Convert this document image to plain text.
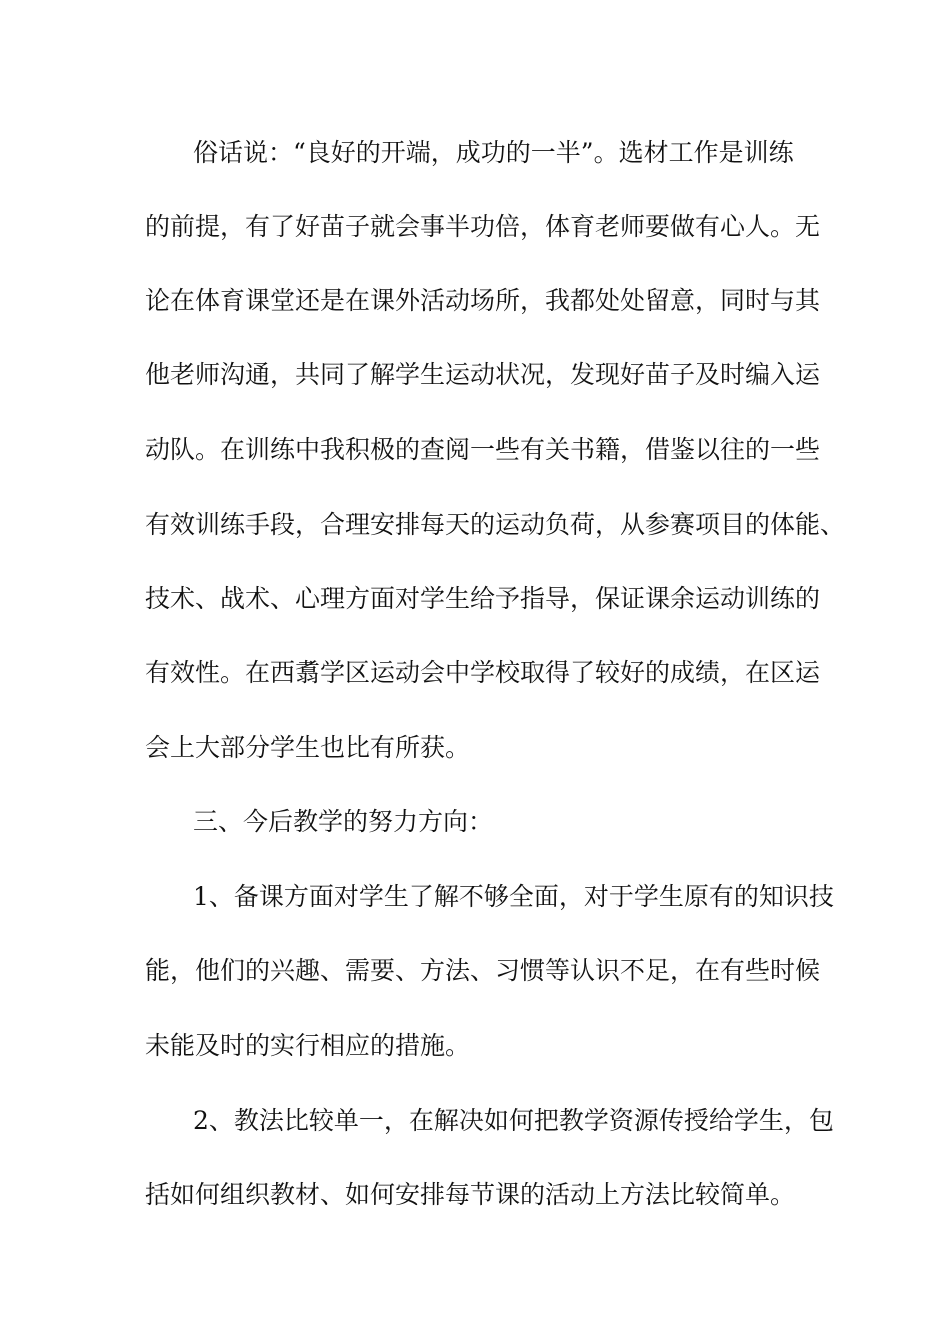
俗话说：“良好的开端，成功的一半”。选材工作是训练
的前提，有了好苗子就会事半功倍，体育老师要做有心人。无
论在体育课堂还是在课外活动场所，我都处处留意，同时与其
他老师沟通，共同了解学生运动状况，发现好苗子及时编入运
动队。在训练中我积极的查阅一些有关书籍，借鉴以往的一些
有效训练手段，合理安排每天的运动负荷，从参赛项目的体能、
技术、战术、心理方面对学生给予指导，保证课余运动训练的
有效性。在西翥学区运动会中学校取得了较好的成绩，在区运
会上大部分学生也比有所获。
三、今后教学的努力方向：
1、备课方面对学生了解不够全面，对于学生原有的知识技
能，他们的兴趣、需要、方法、习惯等认识不足，在有些时候
未能及时的实行相应的措施。
2、教法比较单一，在解决如何把教学资源传授给学生，包
括如何组织教材、如何安排每节课的活动上方法比较简单。
